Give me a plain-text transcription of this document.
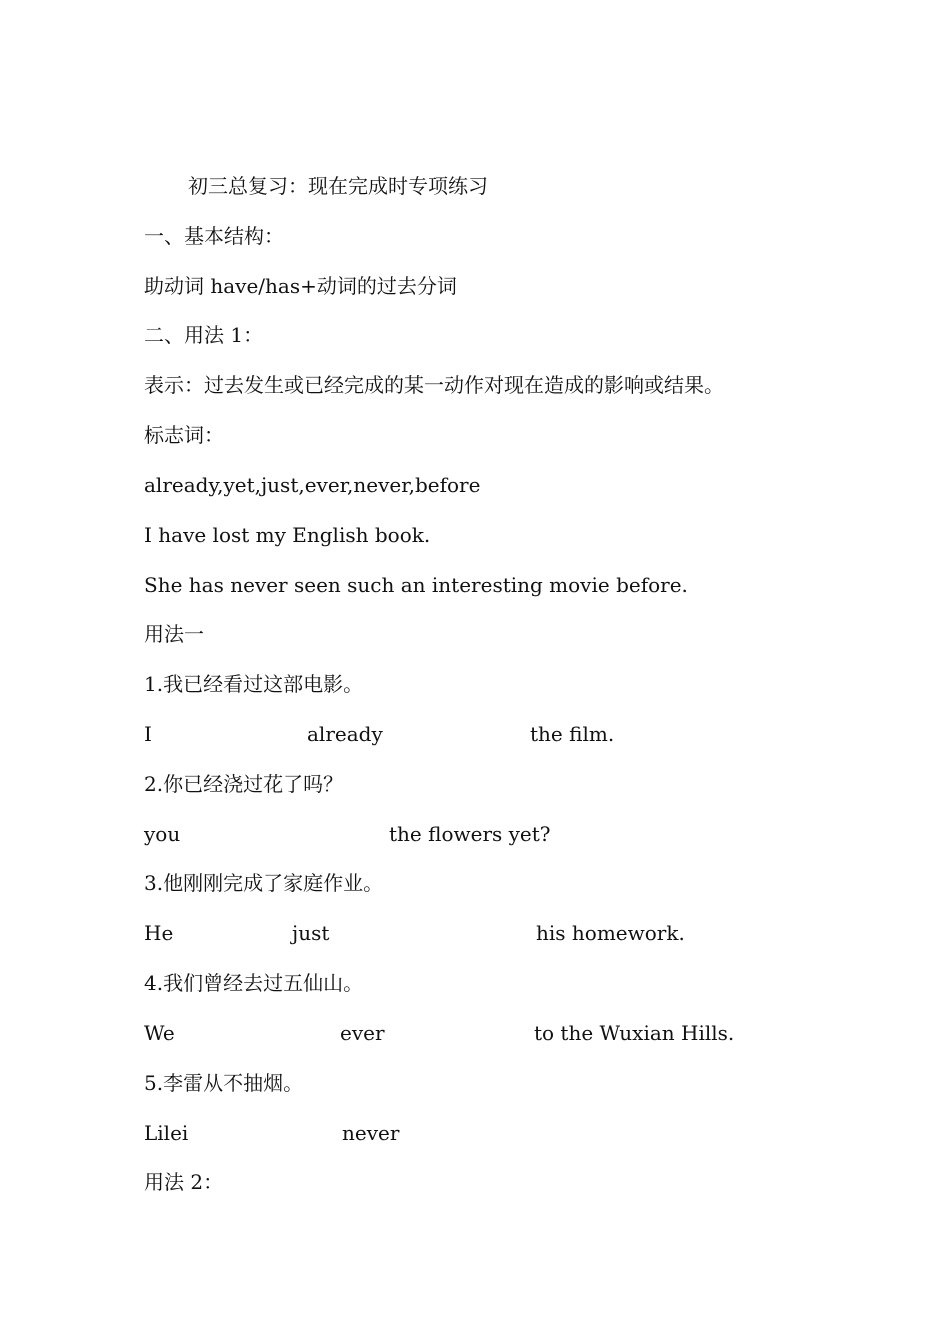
初三总复习：现在完成时专项练习
一、基本结构：
助动词 have/has+动词的过去分词
二、用法 1：
表示：过去发生或已经完成的某一动作对现在造成的影响或结果。
标志词：
already,yet,just,ever,never,before
I have lost my English book.
She has never seen such an interesting movie before.
用法一
1.我已经看过这部电影。
I	already	the film.
2.你已经浇过花了吗？
you	the flowers yet?
3.他刚刚完成了家庭作业。
He	just	his homework.
4.我们曾经去过五仙山。
We	ever	to the Wuxian Hills.
5.李雷从不抽烟。
Lilei	never
用法 2：
